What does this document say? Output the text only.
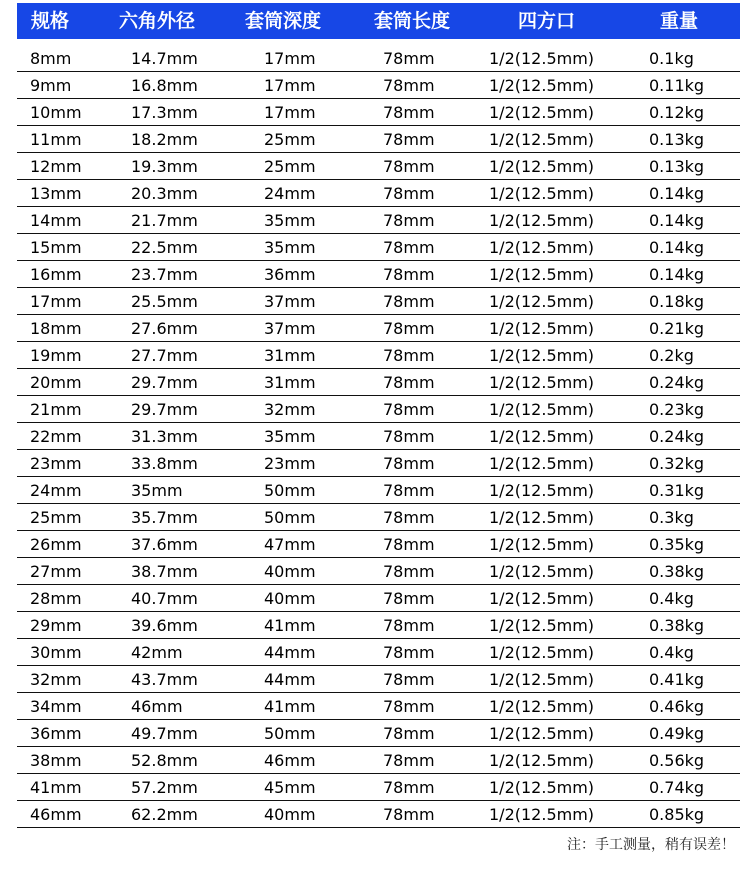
规格	六角外径	套筒深度	套筒长度	四方口	重量
8mm	14.7mm	17mm	78mm	1/2(12.5mm)	0.1kg
9mm	16.8mm	17mm	78mm	1/2(12.5mm)	0.11kg
10mm	17.3mm	17mm	78mm	1/2(12.5mm)	0.12kg
11mm	18.2mm	25mm	78mm	1/2(12.5mm)	0.13kg
12mm	19.3mm	25mm	78mm	1/2(12.5mm)	0.13kg
13mm	20.3mm	24mm	78mm	1/2(12.5mm)	0.14kg
14mm	21.7mm	35mm	78mm	1/2(12.5mm)	0.14kg
15mm	22.5mm	35mm	78mm	1/2(12.5mm)	0.14kg
16mm	23.7mm	36mm	78mm	1/2(12.5mm)	0.14kg
17mm	25.5mm	37mm	78mm	1/2(12.5mm)	0.18kg
18mm	27.6mm	37mm	78mm	1/2(12.5mm)	0.21kg
19mm	27.7mm	31mm	78mm	1/2(12.5mm)	0.2kg
20mm	29.7mm	31mm	78mm	1/2(12.5mm)	0.24kg
21mm	29.7mm	32mm	78mm	1/2(12.5mm)	0.23kg
22mm	31.3mm	35mm	78mm	1/2(12.5mm)	0.24kg
23mm	33.8mm	23mm	78mm	1/2(12.5mm)	0.32kg
24mm	35mm	50mm	78mm	1/2(12.5mm)	0.31kg
25mm	35.7mm	50mm	78mm	1/2(12.5mm)	0.3kg
26mm	37.6mm	47mm	78mm	1/2(12.5mm)	0.35kg
27mm	38.7mm	40mm	78mm	1/2(12.5mm)	0.38kg
28mm	40.7mm	40mm	78mm	1/2(12.5mm)	0.4kg
29mm	39.6mm	41mm	78mm	1/2(12.5mm)	0.38kg
30mm	42mm	44mm	78mm	1/2(12.5mm)	0.4kg
32mm	43.7mm	44mm	78mm	1/2(12.5mm)	0.41kg
34mm	46mm	41mm	78mm	1/2(12.5mm)	0.46kg
36mm	49.7mm	50mm	78mm	1/2(12.5mm)	0.49kg
38mm	52.8mm	46mm	78mm	1/2(12.5mm)	0.56kg
41mm	57.2mm	45mm	78mm	1/2(12.5mm)	0.74kg
46mm	62.2mm	40mm	78mm	1/2(12.5mm)	0.85kg
注：手工测量，稍有误差！
